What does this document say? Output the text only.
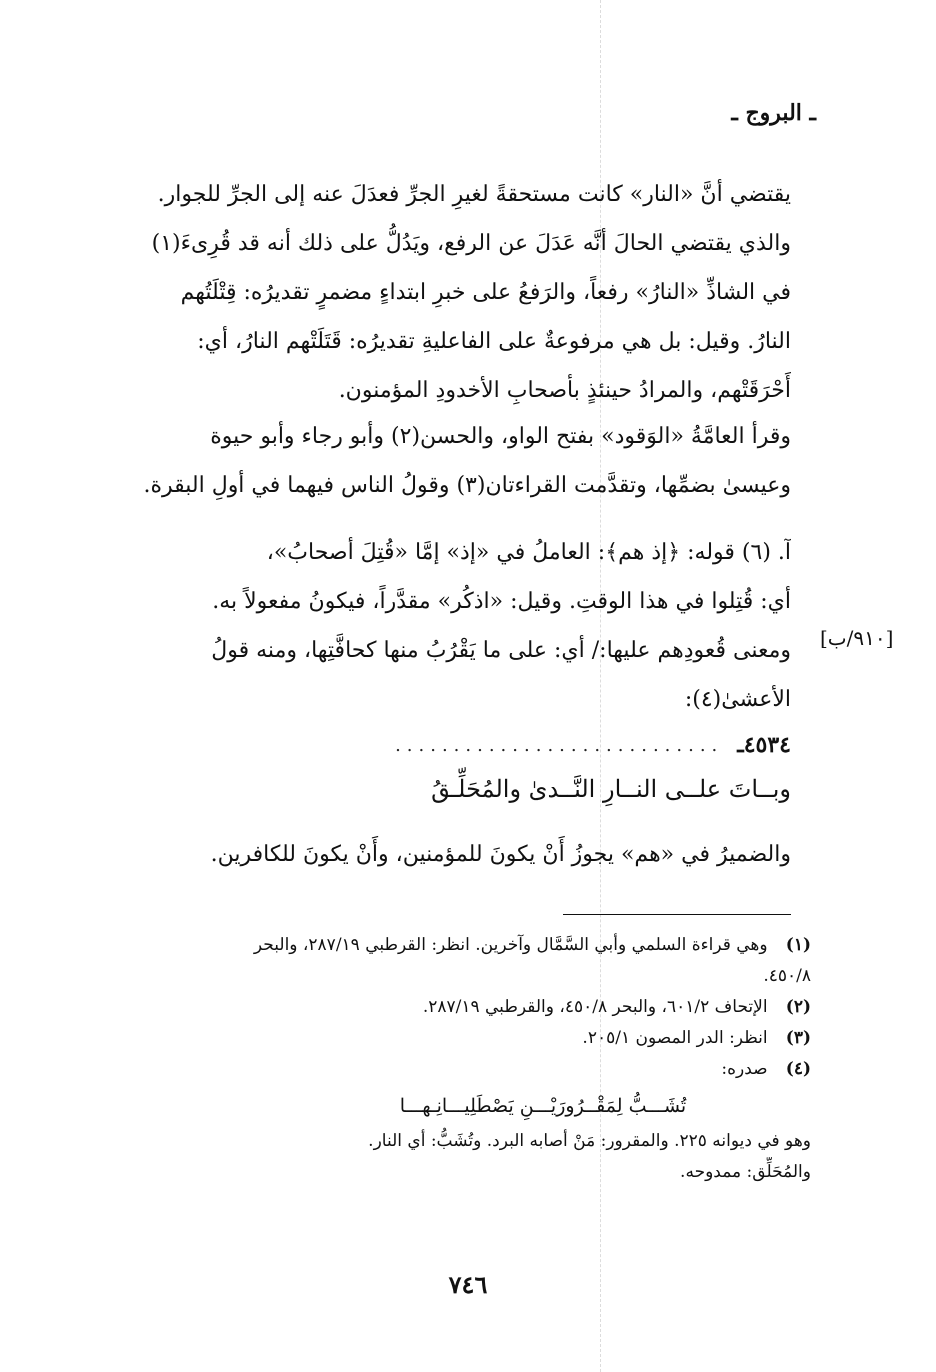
ـ البروج ـ
يقتضي أنَّ «النار» كانت مستحقةً لغيرِ الجرِّ فعدَلَ عنه إلى الجرِّ للجوار.
والذي يقتضي الحالَ أنَّه عَدَلَ عن الرفع، ويَدُلُّ على ذلك أنه قد قُرِىءَ(١)
في الشاذِّ «النارُ» رفعاً، والرَفعُ على خبرِ ابتداءٍ مضمرٍ تقديرُه: قِتْلَتُهم
النارُ. وقيل: بل هي مرفوعةٌ على الفاعليةِ تقديرُه: قَتَلَتْهم النارُ، أي:
أَحْرَقَتْهم، والمرادُ حينئذٍ بأصحابِ الأخدودِ المؤمنون.
وقرأ العامَّةُ «الوَقود» بفتح الواو، والحسن(٢) وأبو رجاء وأبو حيوة
وعيسىٰ بضمِّها، وتقدَّمت القراءتان(٣) وقولُ الناس فيهما في أولِ البقرة.
آ. (٦) قوله: ﴿إذ هم﴾: العاملُ في «إذ» إمَّا «قُتِلَ أصحابُ»،
أي: قُتِلوا في هذا الوقتِ. وقيل: «اذكُر» مقدَّراً، فيكونُ مفعولاً به.
ومعنى قُعودِهم عليها:/ أي: على ما يَقْرُبُ منها كحافَّتِها، ومنه قولُ
الأعشىٰ(٤):
[٩١٠/ب]
٤٥٣٤ـ
............................
وبــاتَ علــى النــارِ النَّــدىٰ والمُحَلِّـقُ
والضميرُ في «هم» يجوزُ أَنْ يكونَ للمؤمنين، وأَنْ يكونَ للكافرين.
(١) وهي قراءة السلمي وأبي السَّمَّال وآخرين. انظر: القرطبي ٢٨٧/١٩، والبحر
٤٥٠/٨.
(٢) الإتحاف ٦٠١/٢، والبحر ٤٥٠/٨، والقرطبي ٢٨٧/١٩.
(٣) انظر: الدر المصون ٢٠٥/١.
(٤) صدره:
تُشَـــبُّ لِمَقْــرُورَيْـــنِ يَصْطَلِيـــانِـهـــا
وهو في ديوانه ٢٢٥. والمقرور: مَنْ أصابه البرد. وتُشَبُّ: أي النار.
والمُحَلِّق: ممدوحه.
٧٤٦
